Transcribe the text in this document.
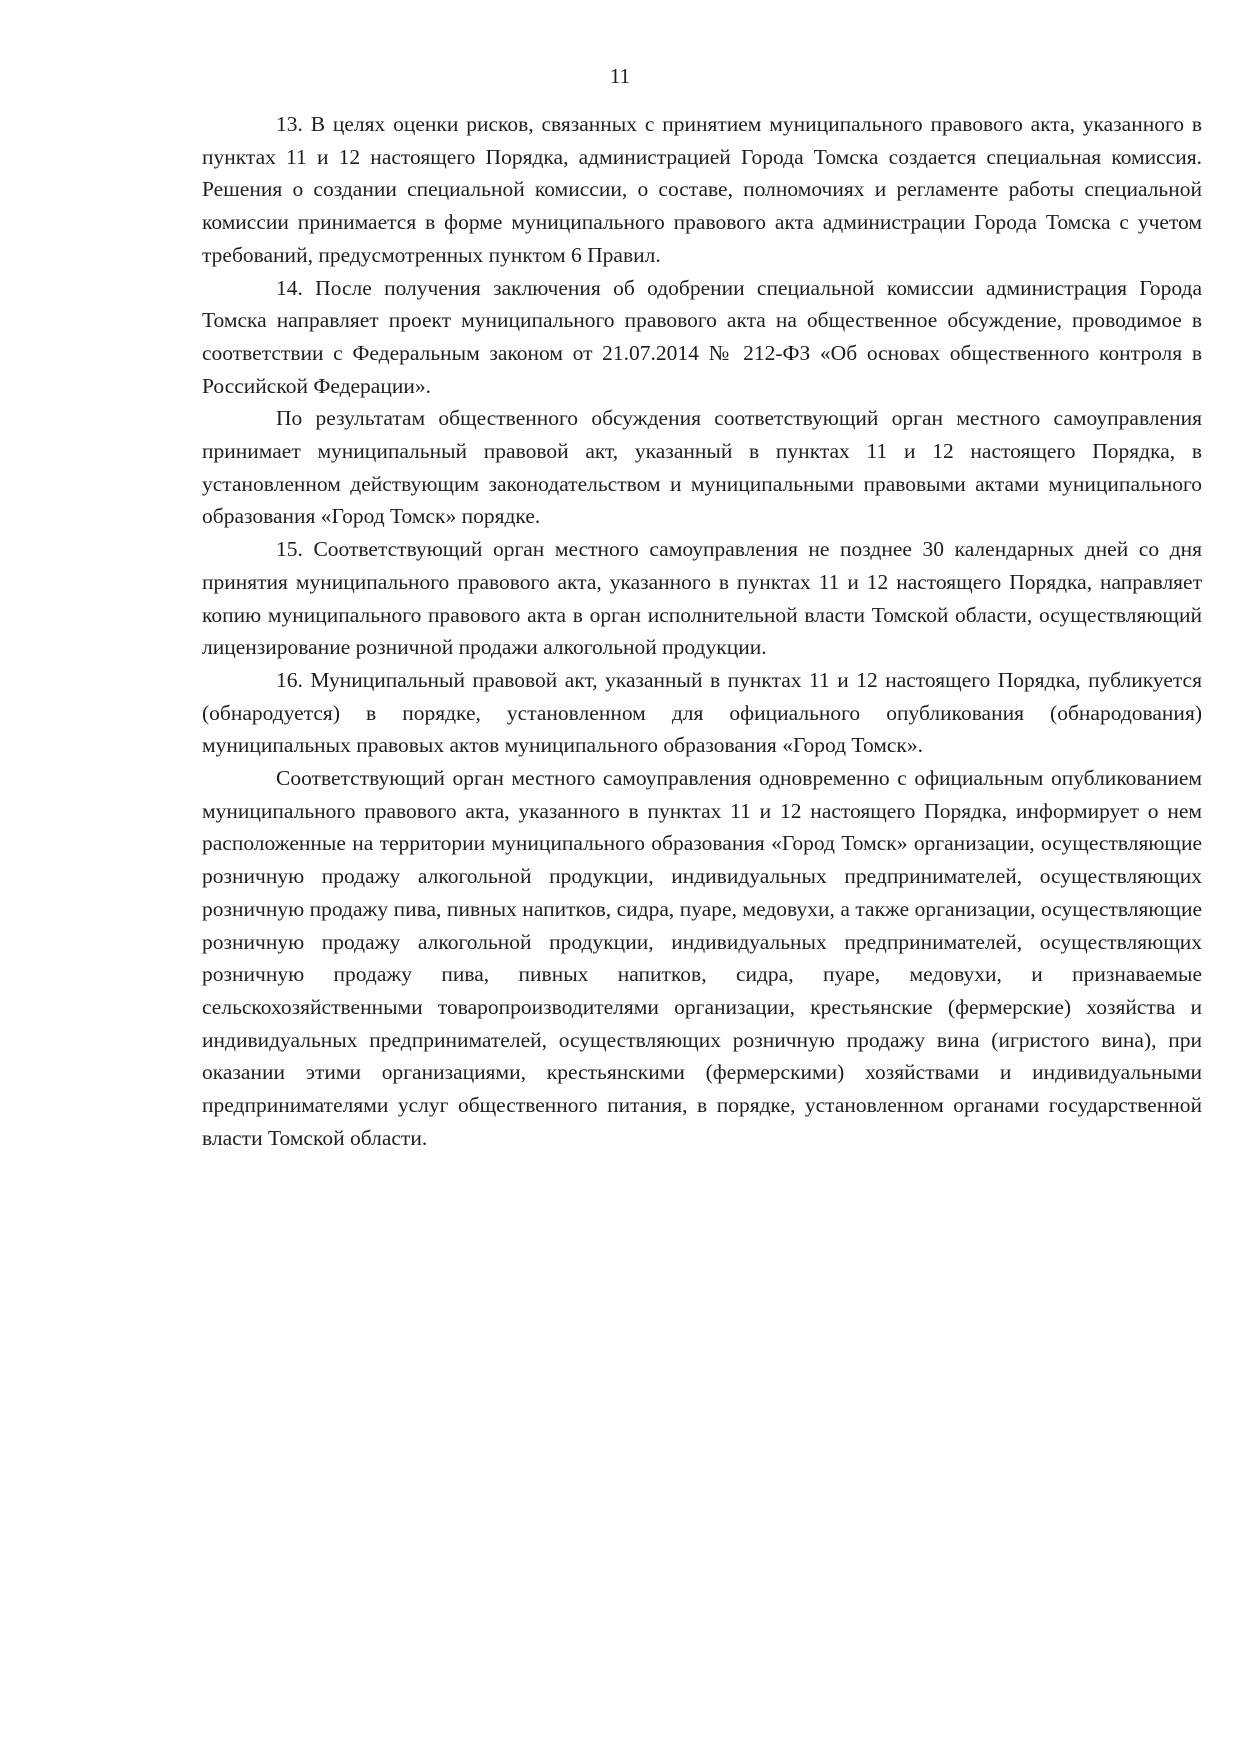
11

13. В целях оценки рисков, связанных с принятием муниципального правового акта, указанного в пунктах 11 и 12 настоящего Порядка, администрацией Города Томска создается специальная комиссия. Решения о создании специальной комиссии, о составе, полномочиях и регламенте работы специальной комиссии принимается в форме муниципального правового акта администрации Города Томска с учетом требований, предусмотренных пунктом 6 Правил.

14. После получения заключения об одобрении специальной комиссии администрация Города Томска направляет проект муниципального правового акта на общественное обсуждение, проводимое в соответствии с Федеральным законом от 21.07.2014 № 212-ФЗ «Об основах общественного контроля в Российской Федерации».

По результатам общественного обсуждения соответствующий орган местного самоуправления принимает муниципальный правовой акт, указанный в пунктах 11 и 12 настоящего Порядка, в установленном действующим законодательством и муниципальными правовыми актами муниципального образования «Город Томск» порядке.

15. Соответствующий орган местного самоуправления не позднее 30 календарных дней со дня принятия муниципального правового акта, указанного в пунктах 11 и 12 настоящего Порядка, направляет копию муниципального правового акта в орган исполнительной власти Томской области, осуществляющий лицензирование розничной продажи алкогольной продукции.

16. Муниципальный правовой акт, указанный в пунктах 11 и 12 настоящего Порядка, публикуется (обнародуется) в порядке, установленном для официального опубликования (обнародования) муниципальных правовых актов муниципального образования «Город Томск».

Соответствующий орган местного самоуправления одновременно с официальным опубликованием муниципального правового акта, указанного в пунктах 11 и 12 настоящего Порядка, информирует о нем расположенные на территории муниципального образования «Город Томск» организации, осуществляющие розничную продажу алкогольной продукции, индивидуальных предпринимателей, осуществляющих розничную продажу пива, пивных напитков, сидра, пуаре, медовухи, а также организации, осуществляющие розничную продажу алкогольной продукции, индивидуальных предпринимателей, осуществляющих розничную продажу пива, пивных напитков, сидра, пуаре, медовухи, и признаваемые сельскохозяйственными товаропроизводителями организации, крестьянские (фермерские) хозяйства и индивидуальных предпринимателей, осуществляющих розничную продажу вина (игристого вина), при оказании этими организациями, крестьянскими (фермерскими) хозяйствами и индивидуальными предпринимателями услуг общественного питания, в порядке, установленном органами государственной власти Томской области.
